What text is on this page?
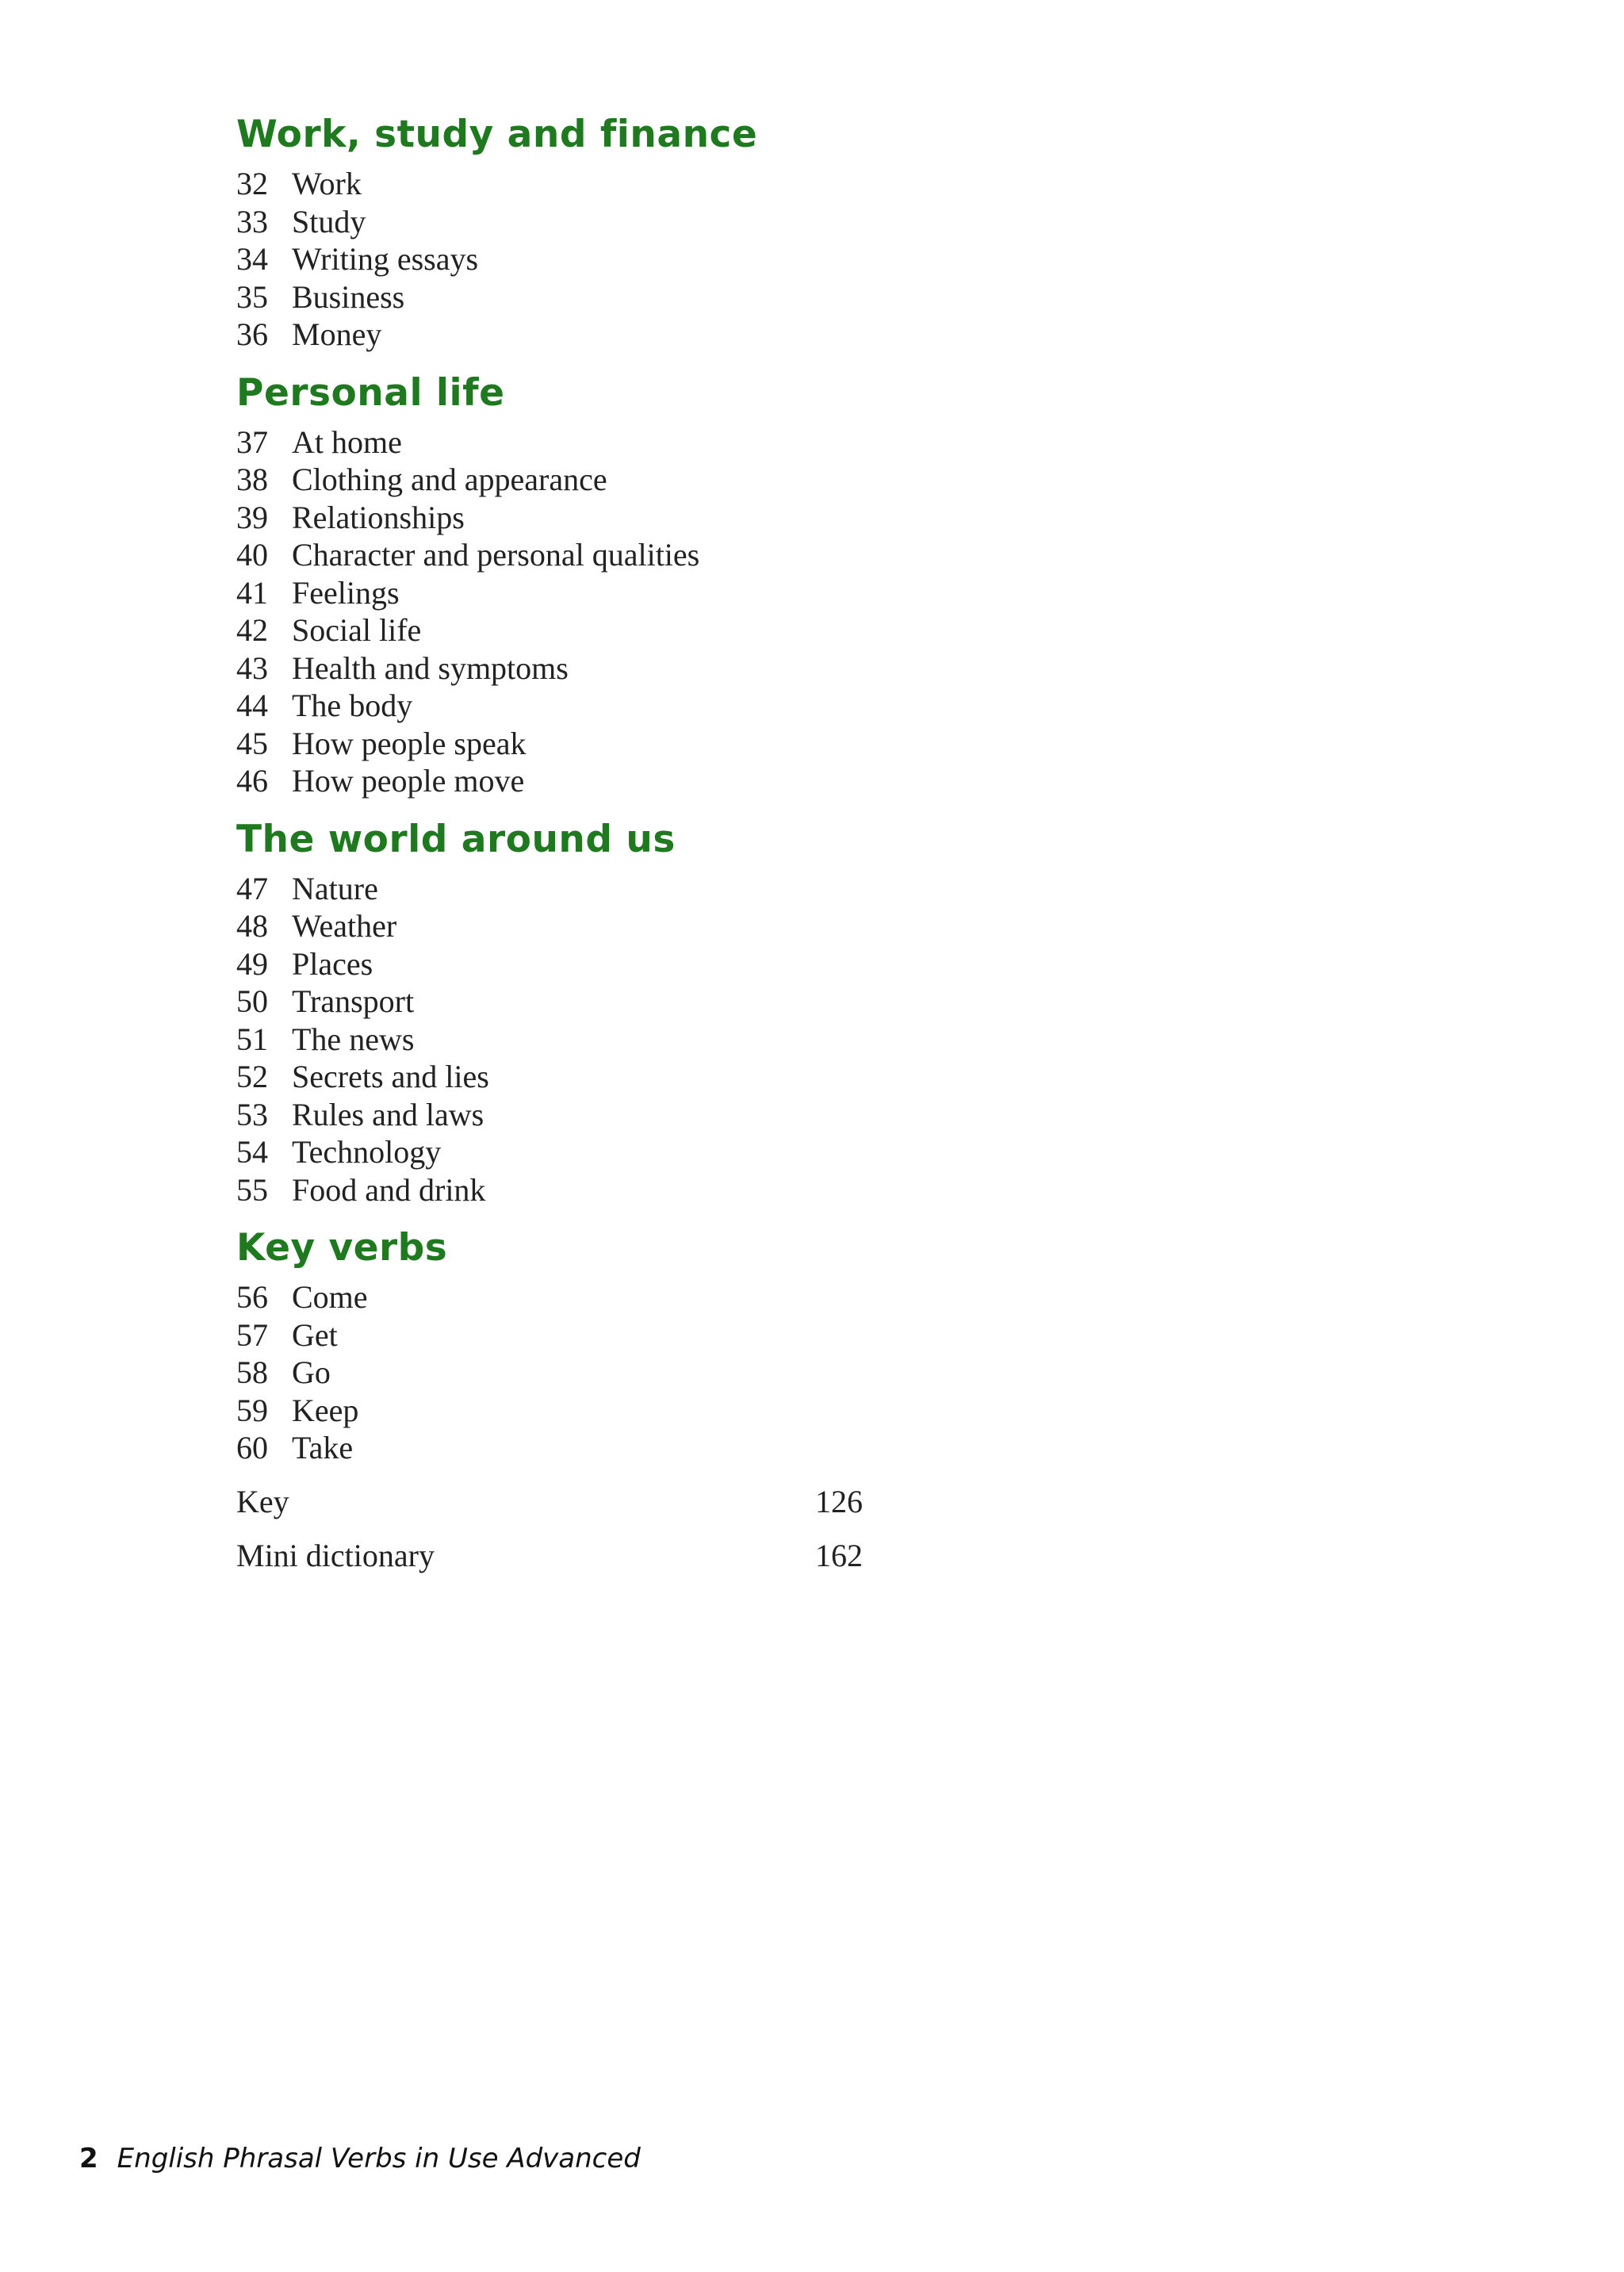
Work, study and finance
32 Work
33 Study
34 Writing essays
35 Business
36 Money
Personal life
37 At home
38 Clothing and appearance
39 Relationships
40 Character and personal qualities
41 Feelings
42 Social life
43 Health and symptoms
44 The body
45 How people speak
46 How people move
The world around us
47 Nature
48 Weather
49 Places
50 Transport
51 The news
52 Secrets and lies
53 Rules and laws
54 Technology
55 Food and drink
Key verbs
56 Come
57 Get
58 Go
59 Keep
60 Take
Key	126
Mini dictionary	162
2 English Phrasal Verbs in Use Advanced
